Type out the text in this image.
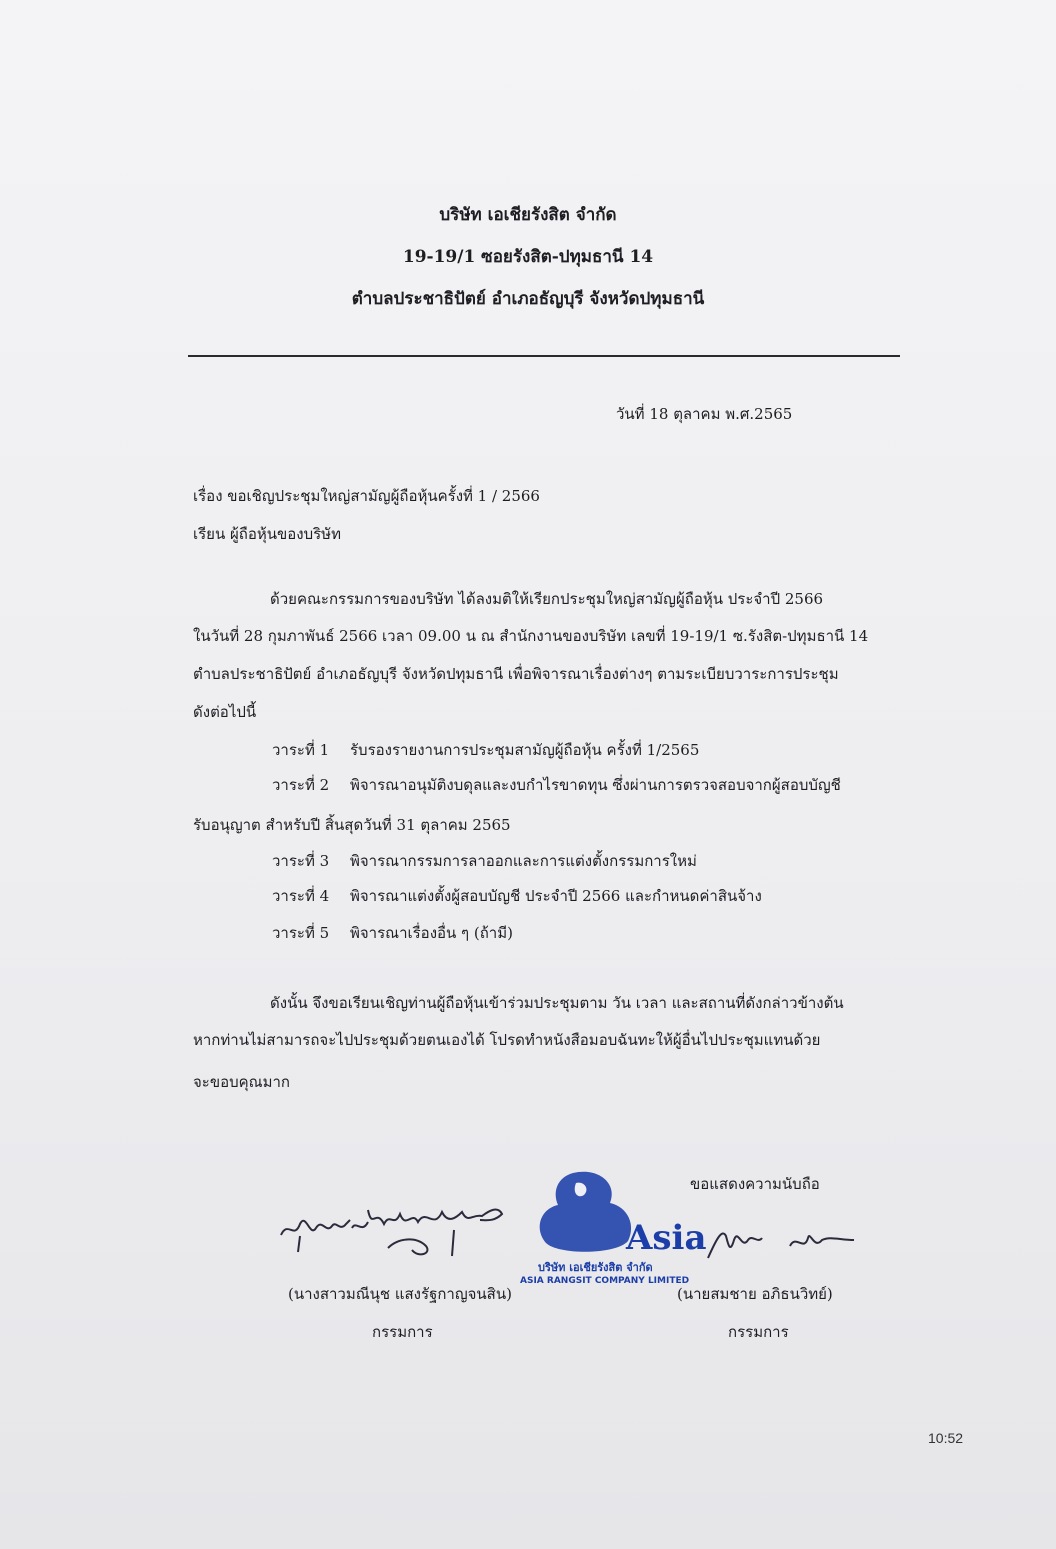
บริษัท เอเชียรังสิต จำกัด
19-19/1 ซอยรังสิต-ปทุมธานี 14
ตำบลประชาธิปัตย์ อำเภอธัญบุรี จังหวัดปทุมธานี
วันที่ 18 ตุลาคม พ.ศ.2565
เรื่อง ขอเชิญประชุมใหญ่สามัญผู้ถือหุ้นครั้งที่ 1 / 2566
เรียน ผู้ถือหุ้นของบริษัท
ด้วยคณะกรรมการของบริษัท ได้ลงมติให้เรียกประชุมใหญ่สามัญผู้ถือหุ้น ประจำปี 2566
ในวันที่ 28 กุมภาพันธ์ 2566 เวลา 09.00 น ณ สำนักงานของบริษัท เลขที่ 19-19/1 ซ.รังสิต-ปทุมธานี 14
ตำบลประชาธิปัตย์ อำเภอธัญบุรี จังหวัดปทุมธานี เพื่อพิจารณาเรื่องต่างๆ ตามระเบียบวาระการประชุม
ดังต่อไปนี้
วาระที่ 1 รับรองรายงานการประชุมสามัญผู้ถือหุ้น ครั้งที่ 1/2565
วาระที่ 2 พิจารณาอนุมัติงบดุลและงบกำไรขาดทุน ซึ่งผ่านการตรวจสอบจากผู้สอบบัญชี
รับอนุญาต สำหรับปี สิ้นสุดวันที่ 31 ตุลาคม 2565
วาระที่ 3 พิจารณากรรมการลาออกและการแต่งตั้งกรรมการใหม่
วาระที่ 4 พิจารณาแต่งตั้งผู้สอบบัญชี ประจำปี 2566 และกำหนดค่าสินจ้าง
วาระที่ 5 พิจารณาเรื่องอื่น ๆ (ถ้ามี)
ดังนั้น จึงขอเรียนเชิญท่านผู้ถือหุ้นเข้าร่วมประชุมตาม วัน เวลา และสถานที่ดังกล่าวข้างต้น
หากท่านไม่สามารถจะไปประชุมด้วยตนเองได้ โปรดทำหนังสือมอบฉันทะให้ผู้อื่นไปประชุมแทนด้วย
จะขอบคุณมาก
ขอแสดงความนับถือ
Asia
บริษัท เอเชียรังสิต จำกัด
ASIA RANGSIT COMPANY LIMITED
(นางสาวมณีนุช แสงรัฐกาญจนสิน)	(นายสมชาย อภิธนวิทย์)
กรรมการ	กรรมการ
10:52
